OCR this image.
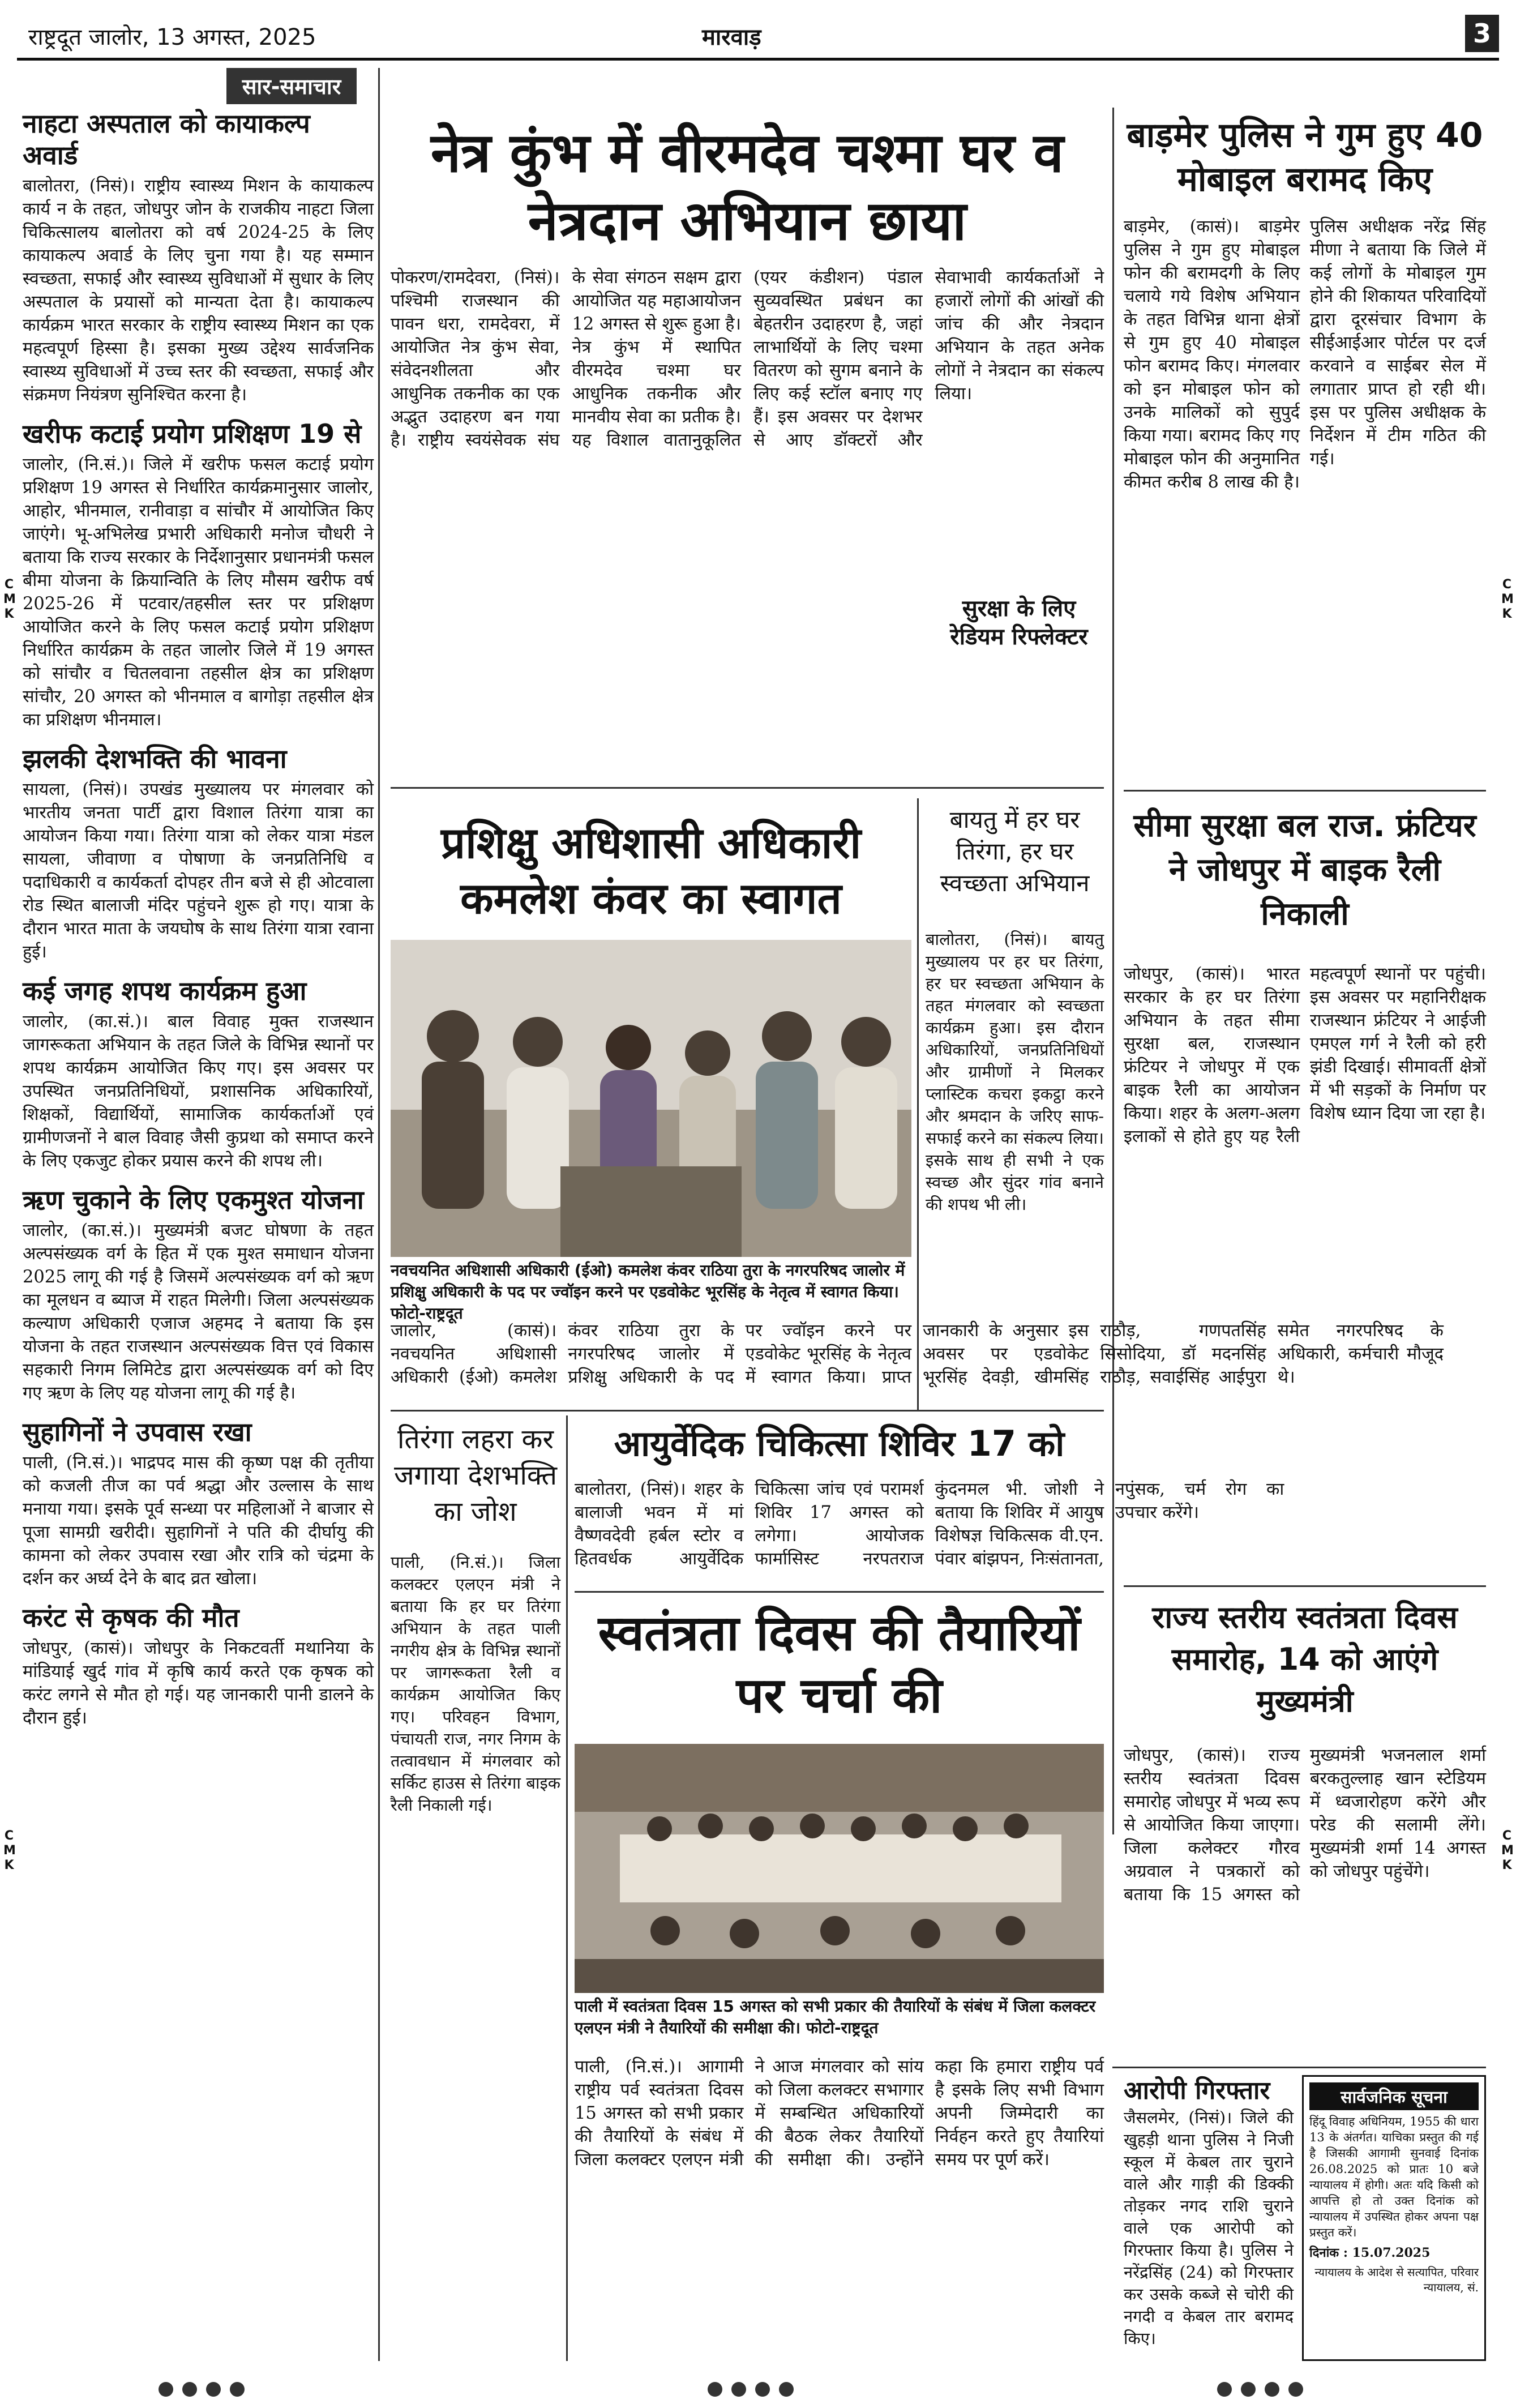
राष्ट्रदूत जालोर, 13 अगस्त, 2025	मारवाड़	3
सार-समाचार
नाहटा अस्पताल को कायाकल्प अवार्ड

बालोतरा, (निसं)। राष्ट्रीय स्वास्थ्य मिशन के कायाकल्प कार्य न के तहत, जोधपुर जोन के राजकीय नाहटा जिला चिकित्सालय बालोतरा को वर्ष 2024-25 के लिए कायाकल्प अवार्ड के लिए चुना गया है। यह सम्मान स्वच्छता, सफाई और स्वास्थ्य सुविधाओं में सुधार के लिए अस्पताल के प्रयासों को मान्यता देता है। कायाकल्प कार्यक्रम भारत सरकार के राष्ट्रीय स्वास्थ्य मिशन का एक महत्वपूर्ण हिस्सा है। इसका मुख्य उद्देश्य सार्वजनिक स्वास्थ्य सुविधाओं में उच्च स्तर की स्वच्छता, सफाई और संक्रमण नियंत्रण सुनिश्चित करना है।

खरीफ कटाई प्रयोग प्रशिक्षण 19 से

जालोर, (नि.सं.)। जिले में खरीफ फसल कटाई प्रयोग प्रशिक्षण 19 अगस्त से निर्धारित कार्यक्रमानुसार जालोर, आहोर, भीनमाल, रानीवाड़ा व सांचौर में आयोजित किए जाएंगे। भू-अभिलेख प्रभारी अधिकारी मनोज चौधरी ने बताया कि राज्य सरकार के निर्देशानुसार प्रधानमंत्री फसल बीमा योजना के क्रियान्विति के लिए मौसम खरीफ वर्ष 2025-26 में पटवार/तहसील स्तर पर प्रशिक्षण आयोजित करने के लिए फसल कटाई प्रयोग प्रशिक्षण निर्धारित कार्यक्रम के तहत जालोर जिले में 19 अगस्त को सांचौर व चितलवाना तहसील क्षेत्र का प्रशिक्षण सांचौर, 20 अगस्त को भीनमाल व बागोड़ा तहसील क्षेत्र का प्रशिक्षण भीनमाल।

झलकी देशभक्ति की भावना

सायला, (निसं)। उपखंड मुख्यालय पर मंगलवार को भारतीय जनता पार्टी द्वारा विशाल तिरंगा यात्रा का आयोजन किया गया। तिरंगा यात्रा को लेकर यात्रा मंडल सायला, जीवाणा व पोषाणा के जनप्रतिनिधि व पदाधिकारी व कार्यकर्ता दोपहर तीन बजे से ही ओटवाला रोड स्थित बालाजी मंदिर पहुंचने शुरू हो गए। यात्रा के दौरान भारत माता के जयघोष के साथ तिरंगा यात्रा रवाना हुई।

कई जगह शपथ कार्यक्रम हुआ

जालोर, (का.सं.)। बाल विवाह मुक्त राजस्थान जागरूकता अभियान के तहत जिले के विभिन्न स्थानों पर शपथ कार्यक्रम आयोजित किए गए। इस अवसर पर उपस्थित जनप्रतिनिधियों, प्रशासनिक अधिकारियों, शिक्षकों, विद्यार्थियों, सामाजिक कार्यकर्ताओं एवं ग्रामीणजनों ने बाल विवाह जैसी कुप्रथा को समाप्त करने के लिए एकजुट होकर प्रयास करने की शपथ ली।

ऋण चुकाने के लिए एकमुश्त योजना

जालोर, (का.सं.)। मुख्यमंत्री बजट घोषणा के तहत अल्पसंख्यक वर्ग के हित में एक मुश्त समाधान योजना 2025 लागू की गई है जिसमें अल्पसंख्यक वर्ग को ऋण का मूलधन व ब्याज में राहत मिलेगी। जिला अल्पसंख्यक कल्याण अधिकारी एजाज अहमद ने बताया कि इस योजना के तहत राजस्थान अल्पसंख्यक वित्त एवं विकास सहकारी निगम लिमिटेड द्वारा अल्पसंख्यक वर्ग को दिए गए ऋण के लिए यह योजना लागू की गई है।

सुहागिनों ने उपवास रखा

पाली, (नि.सं.)। भाद्रपद मास की कृष्ण पक्ष की तृतीया को कजली तीज का पर्व श्रद्धा और उल्लास के साथ मनाया गया। इसके पूर्व सन्ध्या पर महिलाओं ने बाजार से पूजा सामग्री खरीदी। सुहागिनों ने पति की दीर्घायु की कामना को लेकर उपवास रखा और रात्रि को चंद्रमा के दर्शन कर अर्घ्य देने के बाद व्रत खोला।

करंट से कृषक की मौत

जोधपुर, (कासं)। जोधपुर के निकटवर्ती मथानिया के मांडियाई खुर्द गांव में कृषि कार्य करते एक कृषक को करंट लगने से मौत हो गई। यह जानकारी पानी डालने के दौरान हुई।

नेत्र कुंभ में वीरमदेव चश्मा घर व नेत्रदान अभियान छाया

पोकरण/रामदेवरा, (निसं)। पश्चिमी राजस्थान की पावन धरा, रामदेवरा, में आयोजित नेत्र कुंभ सेवा, संवेदनशीलता और आधुनिक तकनीक का एक अद्भुत उदाहरण बन गया है। राष्ट्रीय स्वयंसेवक संघ के सेवा संगठन सक्षम द्वारा आयोजित यह महाआयोजन 12 अगस्त से शुरू हुआ है। नेत्र कुंभ में स्थापित वीरमदेव चश्मा घर आधुनिक तकनीक और मानवीय सेवा का प्रतीक है। यह विशाल वातानुकूलित (एयर कंडीशन) पंडाल सुव्यवस्थित प्रबंधन का बेहतरीन उदाहरण है, जहां लाभार्थियों के लिए चश्मा वितरण को सुगम बनाने के लिए कई स्टॉल बनाए गए हैं। इस अवसर पर देशभर से आए डॉक्टरों और सेवाभावी कार्यकर्ताओं ने हजारों लोगों की आंखों की जांच की और नेत्रदान अभियान के तहत अनेक लोगों ने नेत्रदान का संकल्प लिया।

सुरक्षा के लिए रेडियम रिफ्लेक्टर
बाड़मेर पुलिस ने गुम हुए 40 मोबाइल बरामद किए

बाड़मेर, (कासं)। बाड़मेर पुलिस ने गुम हुए मोबाइल फोन की बरामदगी के लिए चलाये गये विशेष अभियान के तहत विभिन्न थाना क्षेत्रों से गुम हुए 40 मोबाइल फोन बरामद किए। मंगलवार को इन मोबाइल फोन को उनके मालिकों को सुपुर्द किया गया। बरामद किए गए मोबाइल फोन की अनुमानित कीमत करीब 8 लाख की है। पुलिस अधीक्षक नरेंद्र सिंह मीणा ने बताया कि जिले में कई लोगों के मोबाइल गुम होने की शिकायत परिवादियों द्वारा दूरसंचार विभाग के सीईआईआर पोर्टल पर दर्ज करवाने व साईबर सेल में लगातार प्राप्त हो रही थी। इस पर पुलिस अधीक्षक के निर्देशन में टीम गठित की गई।

सीमा सुरक्षा बल राज. फ्रंटियर ने जोधपुर में बाइक रैली निकाली

जोधपुर, (कासं)। भारत सरकार के हर घर तिरंगा अभियान के तहत सीमा सुरक्षा बल, राजस्थान फ्रंटियर ने जोधपुर में एक बाइक रैली का आयोजन किया। शहर के अलग-अलग इलाकों से होते हुए यह रैली महत्वपूर्ण स्थानों पर पहुंची। इस अवसर पर महानिरीक्षक राजस्थान फ्रंटियर ने आईजी एमएल गर्ग ने रैली को हरी झंडी दिखाई। सीमावर्ती क्षेत्रों में भी सड़कों के निर्माण पर विशेष ध्यान दिया जा रहा है।

राज्य स्तरीय स्वतंत्रता दिवस समारोह, 14 को आएंगे मुख्यमंत्री

जोधपुर, (कासं)। राज्य स्तरीय स्वतंत्रता दिवस समारोह जोधपुर में भव्य रूप से आयोजित किया जाएगा। जिला कलेक्टर गौरव अग्रवाल ने पत्रकारों को बताया कि 15 अगस्त को मुख्यमंत्री भजनलाल शर्मा बरकतुल्लाह खान स्टेडियम में ध्वजारोहण करेंगे और परेड की सलामी लेंगे। मुख्यमंत्री शर्मा 14 अगस्त को जोधपुर पहुंचेंगे।

प्रशिक्षु अधिशासी अधिकारी कमलेश कंवर का स्वागत
नवचयनित अधिशासी अधिकारी (ईओ) कमलेश कंवर राठिया तुरा के नगरपरिषद जालोर में प्रशिक्षु अधिकारी के पद पर ज्वॉइन करने पर एडवोकेट भूरसिंह के नेतृत्व में स्वागत किया। फोटो-राष्ट्रदूत

जालोर, (कासं)। नवचयनित अधिशासी अधिकारी (ईओ) कमलेश कंवर राठिया तुरा के नगरपरिषद जालोर में प्रशिक्षु अधिकारी के पद पर ज्वॉइन करने पर एडवोकेट भूरसिंह के नेतृत्व में स्वागत किया। प्राप्त जानकारी के अनुसार इस अवसर पर एडवोकेट भूरसिंह देवड़ी, खीमसिंह राठौड़, गणपतसिंह सिसोदिया, डॉ मदनसिंह राठौड़, सवाईसिंह आईपुरा समेत नगरपरिषद के अधिकारी, कर्मचारी मौजूद थे।

बायतु में हर घर तिरंगा, हर घर स्वच्छता अभियान

बालोतरा, (निसं)। बायतु मुख्यालय पर हर घर तिरंगा, हर घर स्वच्छता अभियान के तहत मंगलवार को स्वच्छता कार्यक्रम हुआ। इस दौरान अधिकारियों, जनप्रतिनिधियों और ग्रामीणों ने मिलकर प्लास्टिक कचरा इकट्ठा करने और श्रमदान के जरिए साफ-सफाई करने का संकल्प लिया। इसके साथ ही सभी ने एक स्वच्छ और सुंदर गांव बनाने की शपथ भी ली।

तिरंगा लहरा कर जगाया देशभक्ति का जोश

पाली, (नि.सं.)। जिला कलक्टर एलएन मंत्री ने बताया कि हर घर तिरंगा अभियान के तहत पाली नगरीय क्षेत्र के विभिन्न स्थानों पर जागरूकता रैली व कार्यक्रम आयोजित किए गए। परिवहन विभाग, पंचायती राज, नगर निगम के तत्वावधान में मंगलवार को सर्किट हाउस से तिरंगा बाइक रैली निकाली गई।

आयुर्वेदिक चिकित्सा शिविर 17 को

बालोतरा, (निसं)। शहर के बालाजी भवन में मां वैष्णवदेवी हर्बल स्टोर व हितवर्धक आयुर्वेदिक चिकित्सा जांच एवं परामर्श शिविर 17 अगस्त को लगेगा। आयोजक फार्मासिस्ट नरपतराज कुंदनमल भी. जोशी ने बताया कि शिविर में आयुष विशेषज्ञ चिकित्सक वी.एन. पंवार बांझपन, निःसंतानता, नपुंसक, चर्म रोग का उपचार करेंगे।

स्वतंत्रता दिवस की तैयारियों पर चर्चा की
पाली में स्वतंत्रता दिवस 15 अगस्त को सभी प्रकार की तैयारियों के संबंध में जिला कलक्टर एलएन मंत्री ने तैयारियों की समीक्षा की। फोटो-राष्ट्रदूत

पाली, (नि.सं.)। आगामी राष्ट्रीय पर्व स्वतंत्रता दिवस 15 अगस्त को सभी प्रकार की तैयारियों के संबंध में जिला कलक्टर एलएन मंत्री ने आज मंगलवार को सांय को जिला कलक्टर सभागार में सम्बन्धित अधिकारियों की बैठक लेकर तैयारियों की समीक्षा की। उन्होंने कहा कि हमारा राष्ट्रीय पर्व है इसके लिए सभी विभाग अपनी जिम्मेदारी का निर्वहन करते हुए तैयारियां समय पर पूर्ण करें।

आरोपी गिरफ्तार

जैसलमेर, (निसं)। जिले की खुहड़ी थाना पुलिस ने निजी स्कूल में केबल तार चुराने वाले और गाड़ी की डिक्की तोड़कर नगद राशि चुराने वाले एक आरोपी को गिरफ्तार किया है। पुलिस ने नरेंद्रसिंह (24) को गिरफ्तार कर उसके कब्जे से चोरी की नगदी व केबल तार बरामद किए।

सार्वजनिक सूचना

हिंदू विवाह अधिनियम, 1955 की धारा 13 के अंतर्गत। याचिका प्रस्तुत की गई है जिसकी आगामी सुनवाई दिनांक 26.08.2025 को प्रातः 10 बजे न्यायालय में होगी। अतः यदि किसी को आपत्ति हो तो उक्त दिनांक को न्यायालय में उपस्थित होकर अपना पक्ष प्रस्तुत करें।

दिनांक : 15.07.2025
न्यायालय के आदेश से सत्यापित, परिवार न्यायालय, सं.
C
M
K
C
M
K
C
M
K
C
M
K
